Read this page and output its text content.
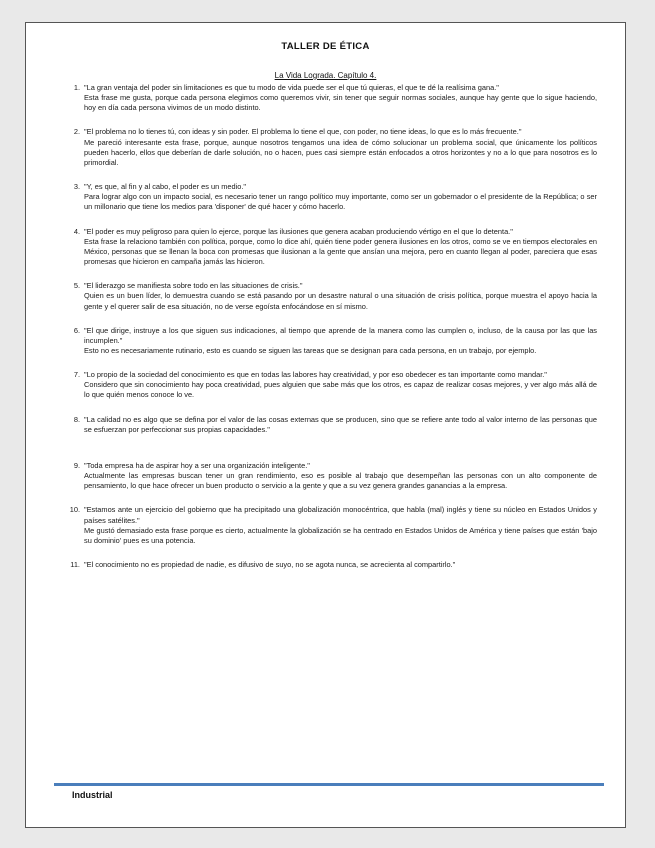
TALLER DE ÉTICA
La Vida Lograda. Capítulo 4.
1. "La gran ventaja del poder sin limitaciones es que tu modo de vida puede ser el que tú quieras, el que te dé la realísima gana."

Esta frase me gusta, porque cada persona elegimos como queremos vivir, sin tener que seguir normas sociales, aunque hay gente que lo sigue haciendo, hoy en día cada persona vivimos de un modo distinto.

2. "El problema no lo tienes tú, con ideas y sin poder. El problema lo tiene el que, con poder, no tiene ideas, lo que es lo más frecuente."

Me pareció interesante esta frase, porque, aunque nosotros tengamos una idea de cómo solucionar un problema social, que únicamente los políticos pueden hacerlo, ellos que deberían de darle solución, no o hacen, pues casi siempre están enfocados a otros horizontes y no a lo que para nosotros es lo primordial.

3. "Y, es que, al fin y al cabo, el poder es un medio."

Para lograr algo con un impacto social, es necesario tener un rango político muy importante, como ser un gobernador o el presidente de la República; o ser un millonario que tiene los medios para 'disponer' de qué hacer y cómo hacerlo.

4. "El poder es muy peligroso para quien lo ejerce, porque las ilusiones que genera acaban produciendo vértigo en el que lo detenta."

Esta frase la relaciono también con política, porque, como lo dice ahí, quién tiene poder genera ilusiones en los otros, como se ve en tiempos electorales en México, personas que se llenan la boca con promesas que ilusionan a la gente que ansían una mejora, pero en cuanto llegan al poder, pareciera que esas promesas que hicieron en campaña jamás las hicieron.

5. "El liderazgo se manifiesta sobre todo en las situaciones de crisis."

Quien es un buen líder, lo demuestra cuando se está pasando por un desastre natural o una situación de crisis política, porque muestra el apoyo hacia la gente y el querer salir de esa situación, no de verse egoísta enfocándose en sí mismo.

6. "El que dirige, instruye a los que siguen sus indicaciones, al tiempo que aprende de la manera como las cumplen o, incluso, de la causa por las que las incumplen."

Esto no es necesariamente rutinario, esto es cuando se siguen las tareas que se designan para cada persona, en un trabajo, por ejemplo.

7. "Lo propio de la sociedad del conocimiento es que en todas las labores hay creatividad, y por eso obedecer es tan importante como mandar."

Considero que sin conocimiento hay poca creatividad, pues alguien que sabe más que los otros, es capaz de realizar cosas mejores, y ver algo más allá de lo que quién menos conoce lo ve.

8. "La calidad no es algo que se defina por el valor de las cosas externas que se producen, sino que se refiere ante todo al valor interno de las personas que se esfuerzan por perfeccionar sus propias capacidades."

9. "Toda empresa ha de aspirar hoy a ser una organización inteligente."

Actualmente las empresas buscan tener un gran rendimiento, eso es posible al trabajo que desempeñan las personas con un alto componente de pensamiento, lo que hace ofrecer un buen producto o servicio a la gente y que a su vez genera grandes ganancias a la empresa.

10. "Estamos ante un ejercicio del gobierno que ha precipitado una globalización monocéntrica, que habla (mal) inglés y tiene su núcleo en Estados Unidos y países satélites."

Me gustó demasiado esta frase porque es cierto, actualmente la globalización se ha centrado en Estados Unidos de América y tiene países que están 'bajo su dominio' pues es una potencia.

11. "El conocimiento no es propiedad de nadie, es difusivo de suyo, no se agota nunca, se acrecienta al compartirlo."

Industrial
